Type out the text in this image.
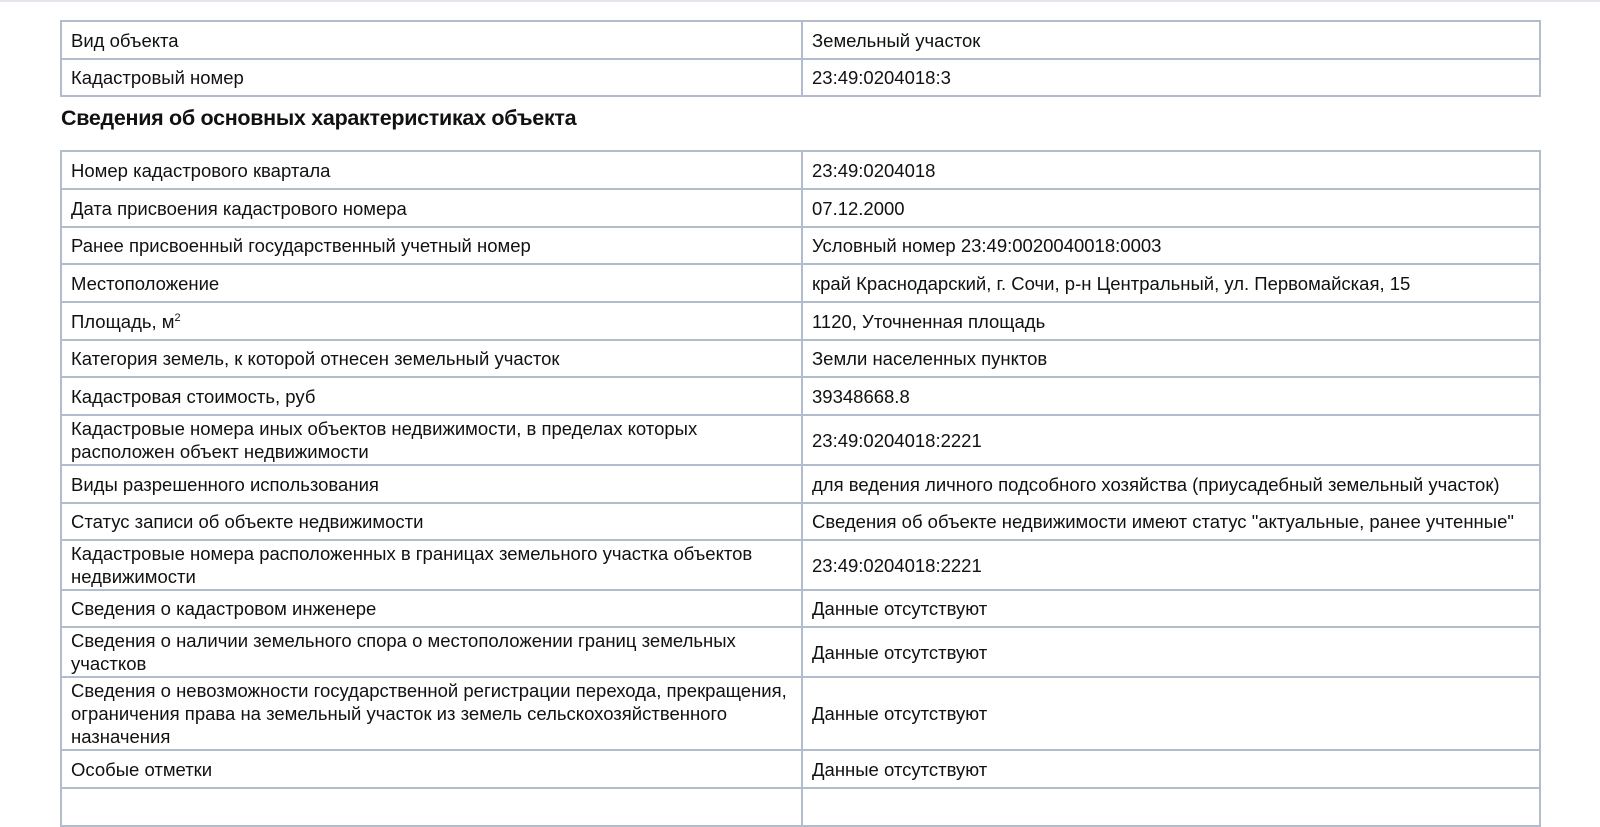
Вид объекта	Земельный участок
Кадастровый номер	23:49:0204018:3
Сведения об основных характеристиках объекта
Номер кадастрового квартала	23:49:0204018
Дата присвоения кадастрового номера	07.12.2000
Ранее присвоенный государственный учетный номер	Условный номер 23:49:0020040018:0003
Местоположение	край Краснодарский, г. Сочи, р-н Центральный, ул. Первомайская, 15
Площадь, $м^2$	1120, Уточненная площадь
Категория земель, к которой отнесен земельный участок	Земли населенных пунктов
Кадастровая стоимость, руб	39348668.8
Кадастровые номера иных объектов недвижимости, в пределах которых расположен объект недвижимости	23:49:0204018:2221
Виды разрешенного использования	для ведения личного подсобного хозяйства (приусадебный земельный участок)
Статус записи об объекте недвижимости	Сведения об объекте недвижимости имеют статус "актуальные, ранее учтенные"
Кадастровые номера расположенных в границах земельного участка объектов недвижимости	23:49:0204018:2221
Сведения о кадастровом инженере	Данные отсутствуют
Сведения о наличии земельного спора о местоположении границ земельных участков	Данные отсутствуют
Сведения о невозможности государственной регистрации перехода, прекращения, ограничения права на земельный участок из земель сельскохозяйственного назначения	Данные отсутствуют
Особые отметки	Данные отсутствуют
